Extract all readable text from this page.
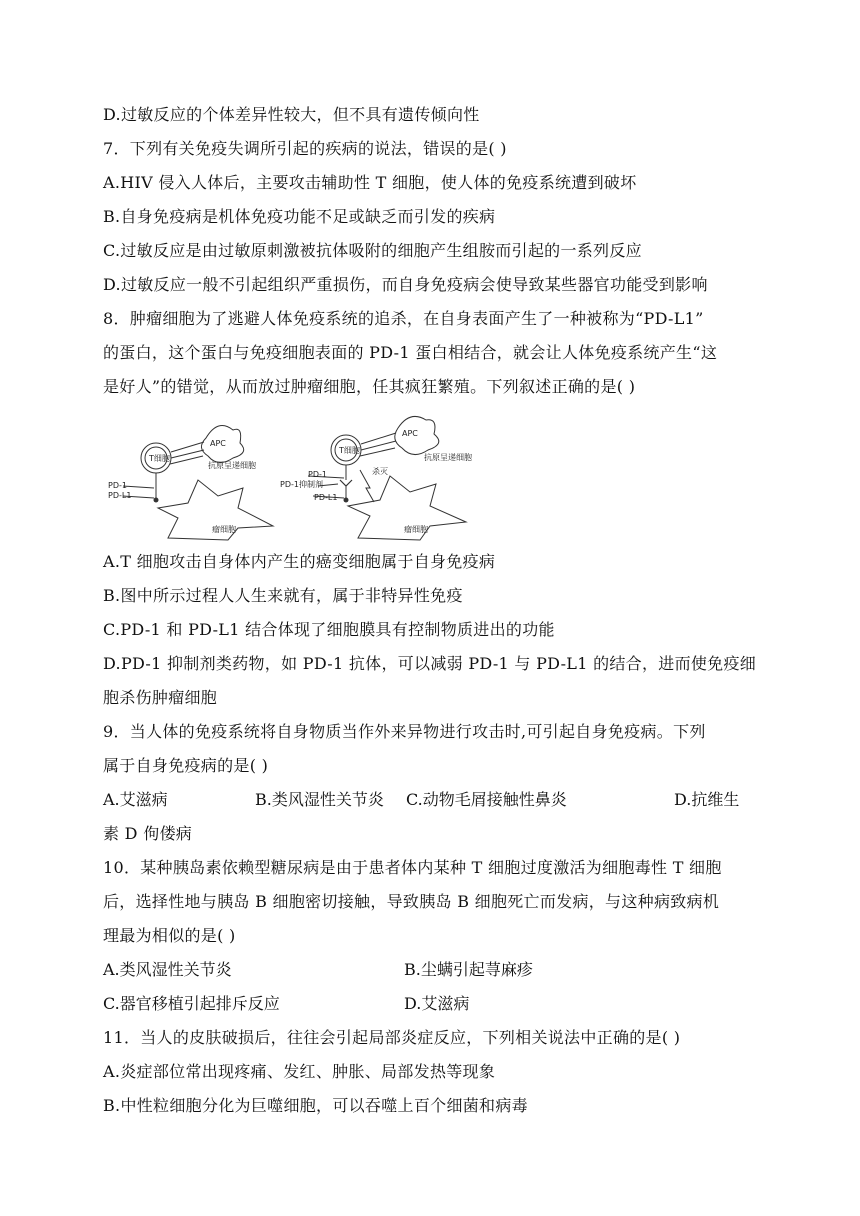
D.过敏反应的个体差异性较大，但不具有遗传倾向性
7．下列有关免疫失调所引起的疾病的说法，错误的是( )
A.HIV 侵入人体后，主要攻击辅助性 T 细胞，使人体的免疫系统遭到破坏
B.自身免疫病是机体免疫功能不足或缺乏而引发的疾病
C.过敏反应是由过敏原刺激被抗体吸附的细胞产生组胺而引起的一系列反应
D.过敏反应一般不引起组织严重损伤，而自身免疫病会使导致某些器官功能受到影响
8．肿瘤细胞为了逃避人体免疫系统的追杀，在自身表面产生了一种被称为“PD-L1”
的蛋白，这个蛋白与免疫细胞表面的 PD-1 蛋白相结合，就会让人体免疫系统产生“这
是好人”的错觉，从而放过肿瘤细胞，任其疯狂繁殖。下列叙述正确的是( )
T细胞
APC
抗原呈递细胞
PD-1
PD-L1
瘤细胞
T细胞
APC
抗原呈递细胞
PD-1
PD-1抑制剂
PD-L1
杀灭
瘤细胞
A.T 细胞攻击自身体内产生的癌变细胞属于自身免疫病
B.图中所示过程人人生来就有，属于非特异性免疫
C.PD-1 和 PD-L1 结合体现了细胞膜具有控制物质进出的功能
D.PD-1 抑制剂类药物，如 PD-1 抗体，可以减弱 PD-1 与 PD-L1 的结合，进而使免疫细
胞杀伤肿瘤细胞
9．当人体的免疫系统将自身物质当作外来异物进行攻击时,可引起自身免疫病。下列
属于自身免疫病的是( )
A.艾滋病	B.类风湿性关节炎 C.动物毛屑接触性鼻炎	D.抗维生
素 D 佝偻病
10．某种胰岛素依赖型糖尿病是由于患者体内某种 T 细胞过度激活为细胞毒性 T 细胞
后，选择性地与胰岛 B 细胞密切接触，导致胰岛 B 细胞死亡而发病，与这种病致病机
理最为相似的是( )
A.类风湿性关节炎	B.尘螨引起荨麻疹
C.器官移植引起排斥反应	D.艾滋病
11．当人的皮肤破损后，往往会引起局部炎症反应，下列相关说法中正确的是( )
A.炎症部位常出现疼痛、发红、肿胀、局部发热等现象
B.中性粒细胞分化为巨噬细胞，可以吞噬上百个细菌和病毒
